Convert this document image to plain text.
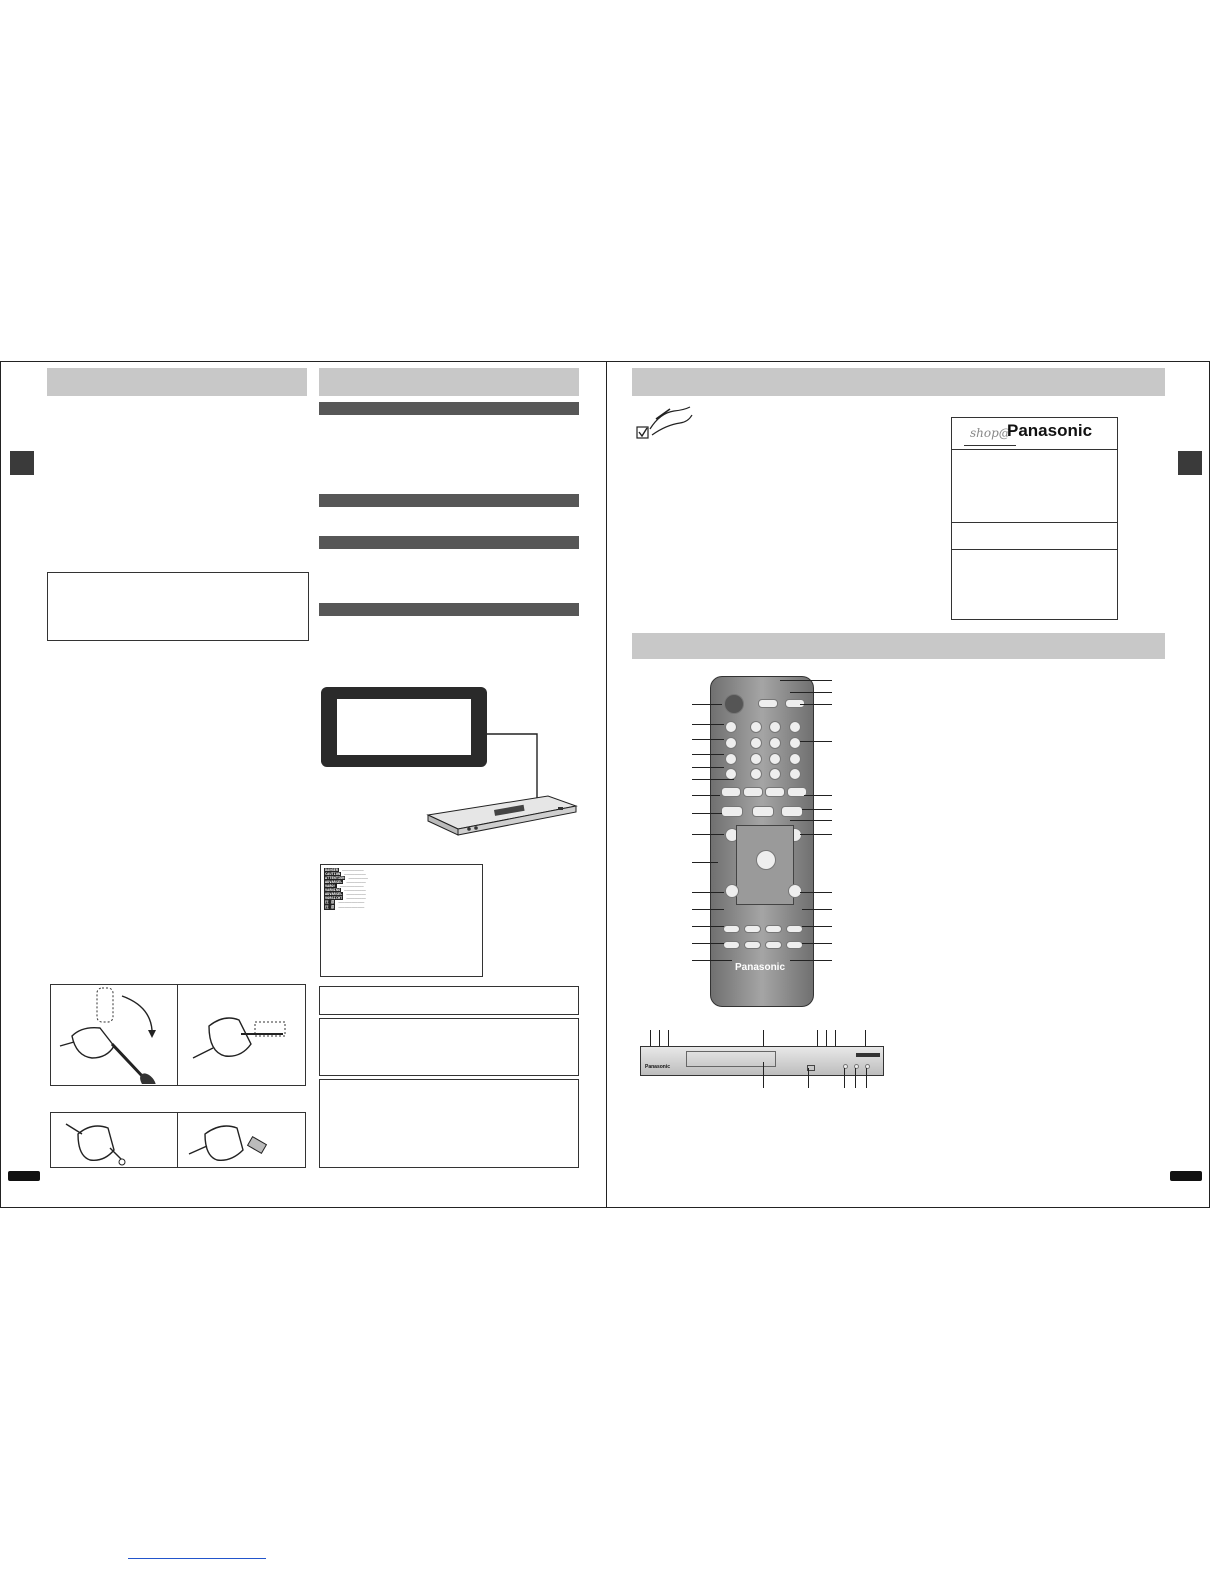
DANGER ——————————
CAUTION ——————————
ATTENTION —————————
ADVARSEL —————————
VARO! ———————————
VARNING ——————————
ADVARSEL —————————
VORSICHT —————————
注 意 ————————————
注 意 ————————————
shop@
Panasonic
Panasonic
Panasonic
